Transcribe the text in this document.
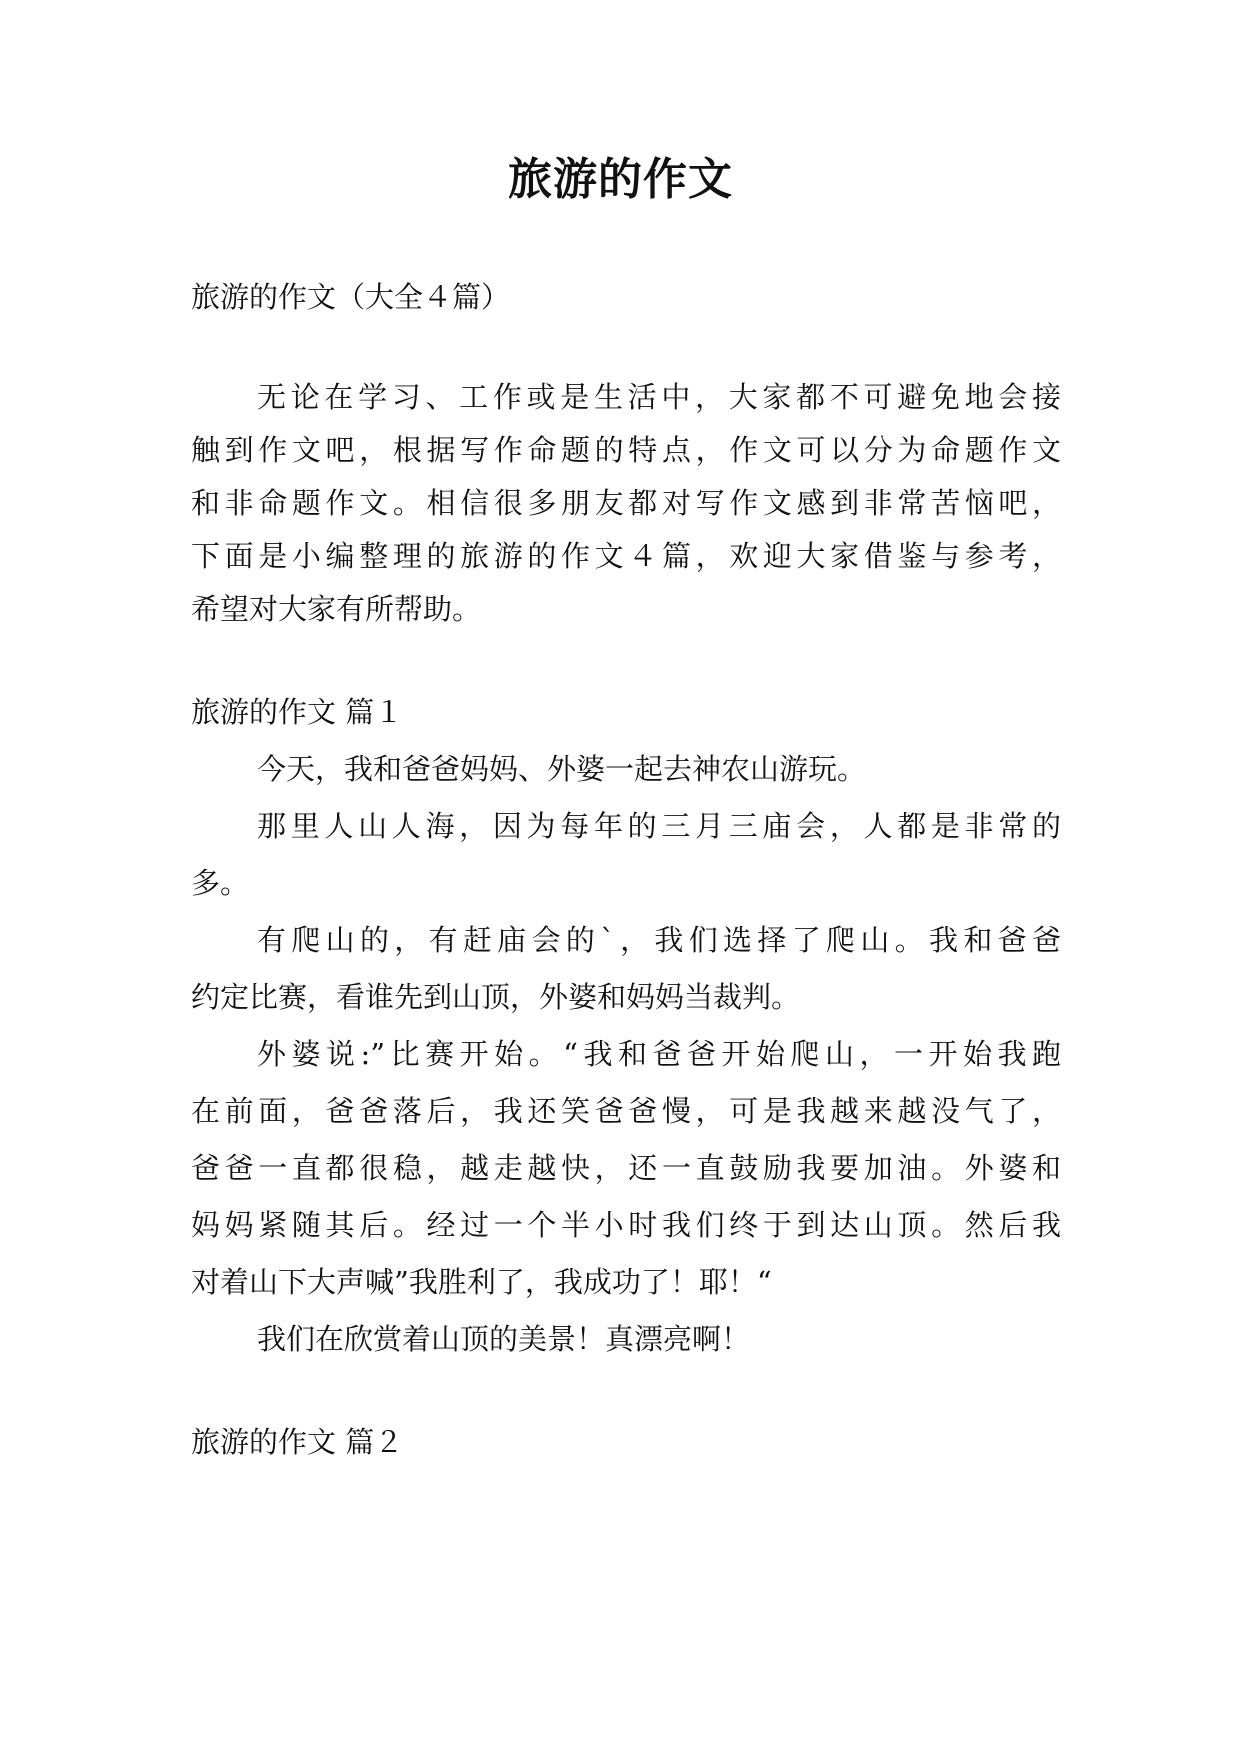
旅游的作文
旅游的作文（大全４篇）
无论在学习、工作或是生活中，大家都不可避免地会接
触到作文吧，根据写作命题的特点，作文可以分为命题作文
和非命题作文。相信很多朋友都对写作文感到非常苦恼吧，
下面是小编整理的旅游的作文４篇，欢迎大家借鉴与参考，
希望对大家有所帮助。
旅游的作文 篇１
今天，我和爸爸妈妈、外婆一起去神农山游玩。
那里人山人海，因为每年的三月三庙会，人都是非常的
多。
有爬山的，有赶庙会的`，我们选择了爬山。我和爸爸
约定比赛，看谁先到山顶，外婆和妈妈当裁判。
外婆说:”比赛开始。“我和爸爸开始爬山，一开始我跑
在前面，爸爸落后，我还笑爸爸慢，可是我越来越没气了，
爸爸一直都很稳，越走越快，还一直鼓励我要加油。外婆和
妈妈紧随其后。经过一个半小时我们终于到达山顶。然后我
对着山下大声喊”我胜利了，我成功了！耶！“
我们在欣赏着山顶的美景！真漂亮啊！
旅游的作文 篇２
